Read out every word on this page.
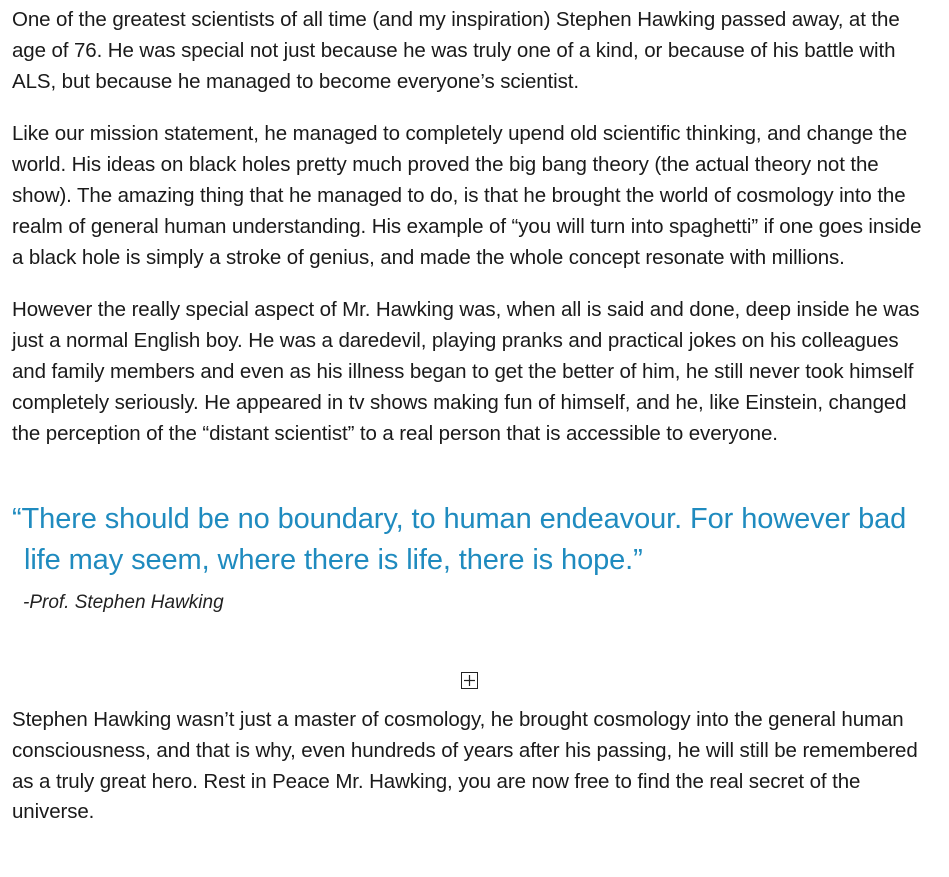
One of the greatest scientists of all time (and my inspiration) Stephen Hawking passed away, at the age of 76. He was special not just because he was truly one of a kind, or because of his battle with ALS, but because he managed to become everyone’s scientist.

Like our mission statement, he managed to completely upend old scientific thinking, and change the world. His ideas on black holes pretty much proved the big bang theory (the actual theory not the show). The amazing thing that he managed to do, is that he brought the world of cosmology into the realm of general human understanding. His example of “you will turn into spaghetti” if one goes inside a black hole is simply a stroke of genius, and made the whole concept resonate with millions.

However the really special aspect of Mr. Hawking was, when all is said and done, deep inside he was just a normal English boy. He was a daredevil, playing pranks and practical jokes on his colleagues and family members and even as his illness began to get the better of him, he still never took himself completely seriously. He appeared in tv shows making fun of himself, and he, like Einstein, changed the perception of the “distant scientist” to a real person that is accessible to everyone.

“There should be no boundary, to human endeavour. For however bad life may seem, where there is life, there is hope.”

-Prof. Stephen Hawking

Stephen Hawking wasn’t just a master of cosmology, he brought cosmology into the general human consciousness, and that is why, even hundreds of years after his passing, he will still be remembered as a truly great hero. Rest in Peace Mr. Hawking, you are now free to find the real secret of the universe.
